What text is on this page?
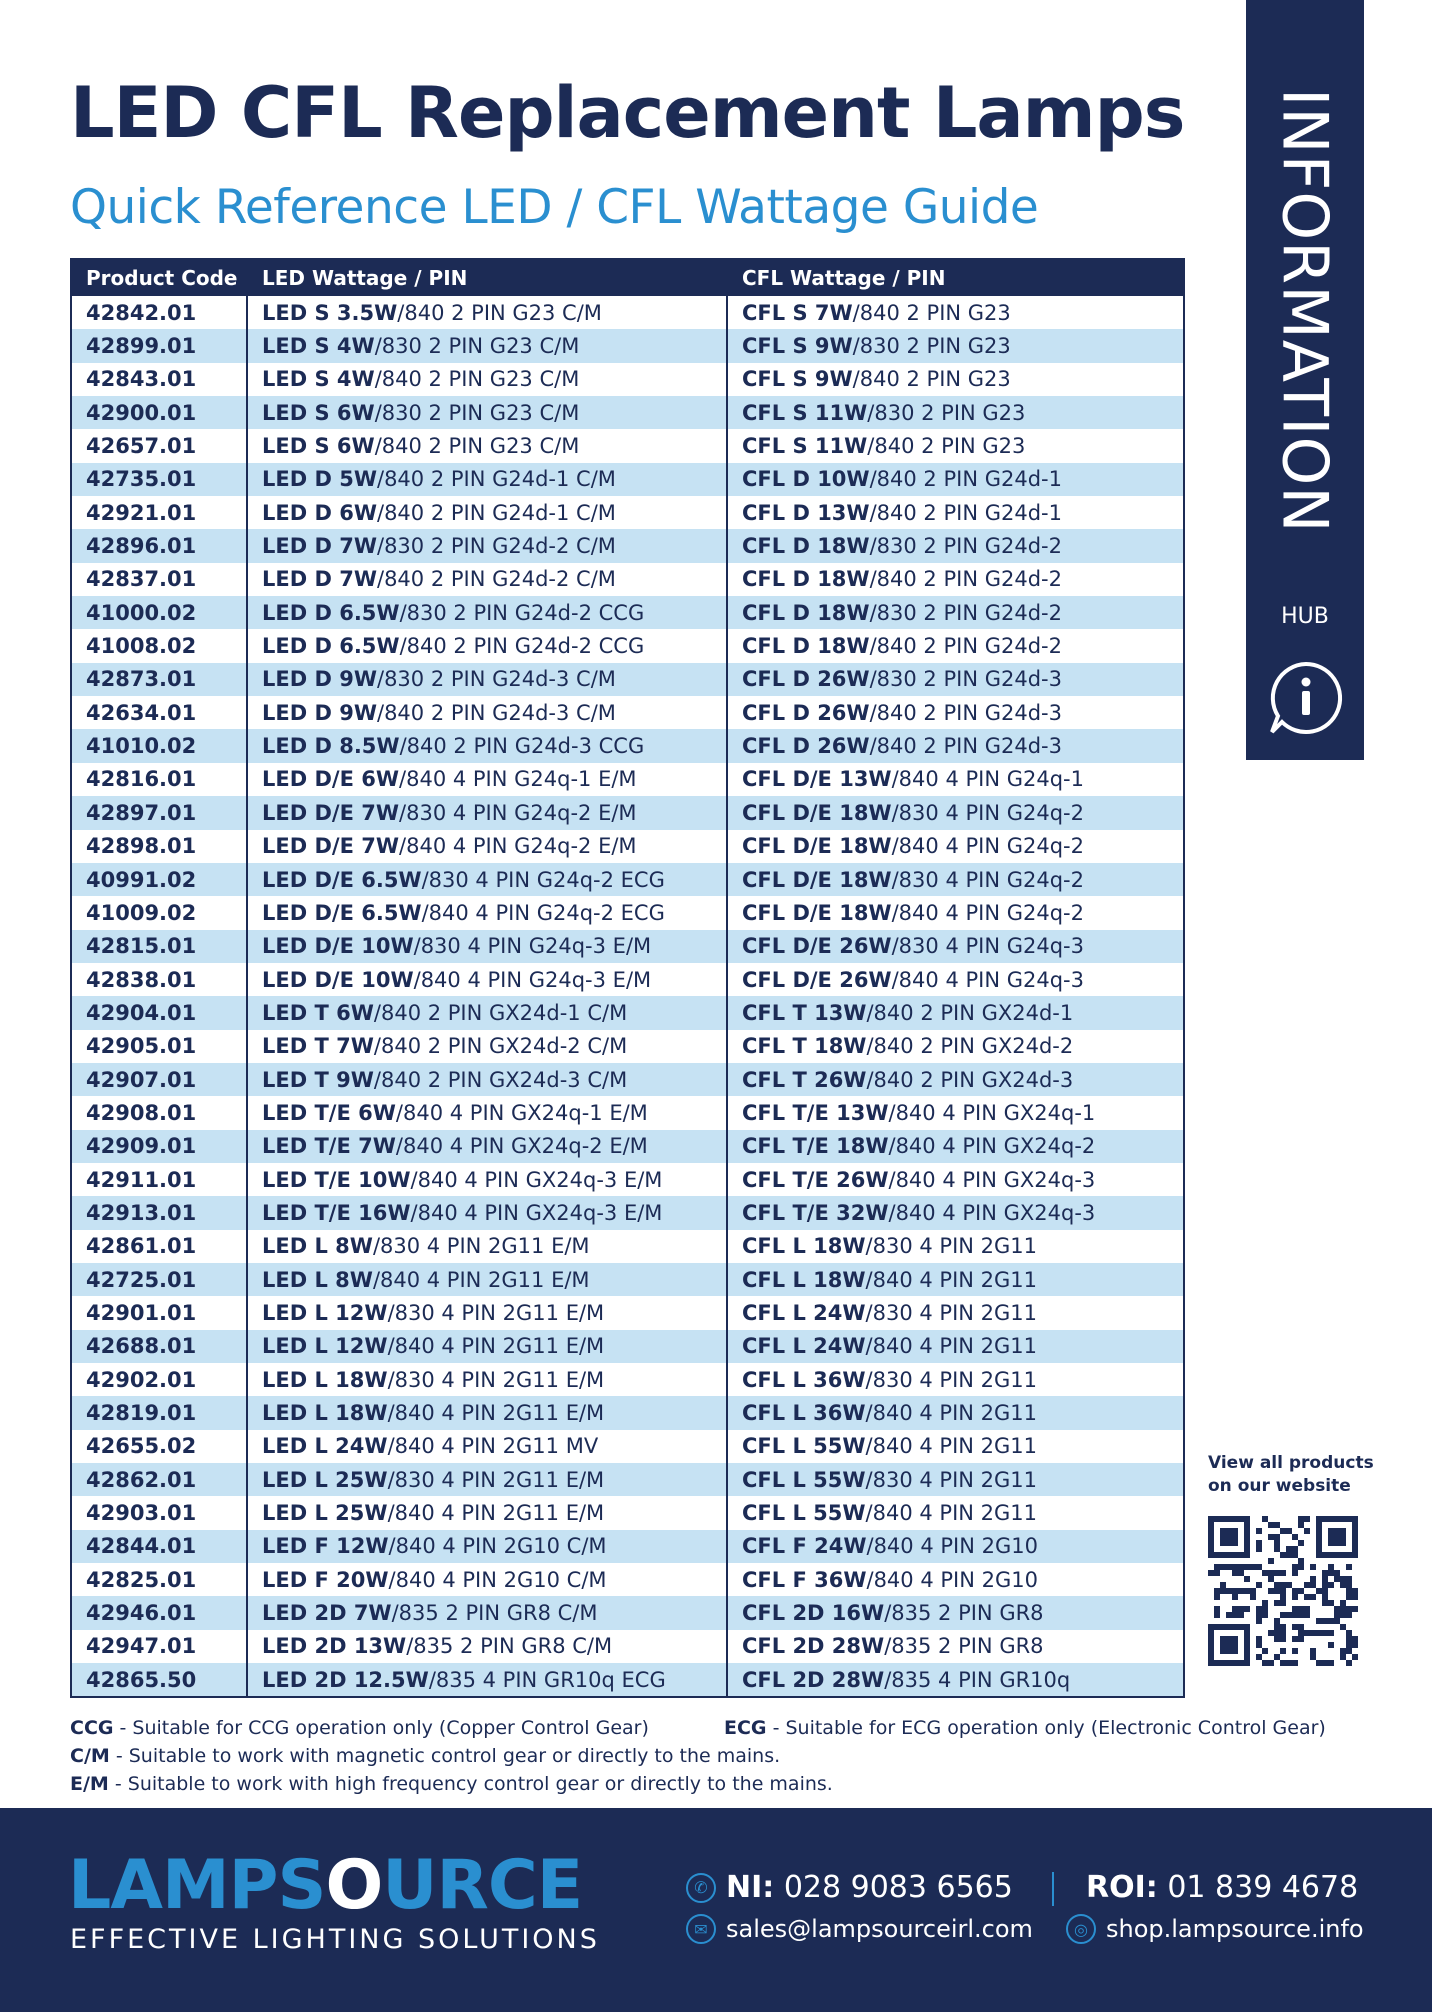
LED CFL Replacement Lamps
Quick Reference LED / CFL Wattage Guide	INFORMATION
HUB
Product Code	LED Wattage / PIN	CFL Wattage / PIN
42842.01	LED S 3.5W /840 2 PIN G23 C/M	CFL S 7W /840 2 PIN G23
42899.01	LED S 4W /830 2 PIN G23 C/M	CFL S 9W /830 2 PIN G23
42843.01	LED S 4W /840 2 PIN G23 C/M	CFL S 9W /840 2 PIN G23
42900.01	LED S 6W /830 2 PIN G23 C/M	CFL S 11W /830 2 PIN G23
42657.01	LED S 6W /840 2 PIN G23 C/M	CFL S 11W /840 2 PIN G23
42735.01	LED D 5W /840 2 PIN G24d-1 C/M	CFL D 10W /840 2 PIN G24d-1
42921.01	LED D 6W /840 2 PIN G24d-1 C/M	CFL D 13W /840 2 PIN G24d-1
42896.01	LED D 7W /830 2 PIN G24d-2 C/M	CFL D 18W /830 2 PIN G24d-2
42837.01	LED D 7W /840 2 PIN G24d-2 C/M	CFL D 18W /840 2 PIN G24d-2
41000.02	LED D 6.5W /830 2 PIN G24d-2 CCG	CFL D 18W /830 2 PIN G24d-2
41008.02	LED D 6.5W /840 2 PIN G24d-2 CCG	CFL D 18W /840 2 PIN G24d-2
42873.01	LED D 9W /830 2 PIN G24d-3 C/M	CFL D 26W /830 2 PIN G24d-3
42634.01	LED D 9W /840 2 PIN G24d-3 C/M	CFL D 26W /840 2 PIN G24d-3
41010.02	LED D 8.5W /840 2 PIN G24d-3 CCG	CFL D 26W /840 2 PIN G24d-3
42816.01	LED D/E 6W /840 4 PIN G24q-1 E/M	CFL D/E 13W /840 4 PIN G24q-1
42897.01	LED D/E 7W /830 4 PIN G24q-2 E/M	CFL D/E 18W /830 4 PIN G24q-2
42898.01	LED D/E 7W /840 4 PIN G24q-2 E/M	CFL D/E 18W /840 4 PIN G24q-2
40991.02	LED D/E 6.5W /830 4 PIN G24q-2 ECG	CFL D/E 18W /830 4 PIN G24q-2
41009.02	LED D/E 6.5W /840 4 PIN G24q-2 ECG	CFL D/E 18W /840 4 PIN G24q-2
42815.01	LED D/E 10W /830 4 PIN G24q-3 E/M	CFL D/E 26W /830 4 PIN G24q-3
42838.01	LED D/E 10W /840 4 PIN G24q-3 E/M	CFL D/E 26W /840 4 PIN G24q-3
42904.01	LED T 6W /840 2 PIN GX24d-1 C/M	CFL T 13W /840 2 PIN GX24d-1
42905.01	LED T 7W /840 2 PIN GX24d-2 C/M	CFL T 18W /840 2 PIN GX24d-2
42907.01	LED T 9W /840 2 PIN GX24d-3 C/M	CFL T 26W /840 2 PIN GX24d-3
42908.01	LED T/E 6W /840 4 PIN GX24q-1 E/M	CFL T/E 13W /840 4 PIN GX24q-1
42909.01	LED T/E 7W /840 4 PIN GX24q-2 E/M	CFL T/E 18W /840 4 PIN GX24q-2
42911.01	LED T/E 10W /840 4 PIN GX24q-3 E/M	CFL T/E 26W /840 4 PIN GX24q-3
42913.01	LED T/E 16W /840 4 PIN GX24q-3 E/M	CFL T/E 32W /840 4 PIN GX24q-3
42861.01	LED L 8W /830 4 PIN 2G11 E/M	CFL L 18W /830 4 PIN 2G11
42725.01	LED L 8W /840 4 PIN 2G11 E/M	CFL L 18W /840 4 PIN 2G11
42901.01	LED L 12W /830 4 PIN 2G11 E/M	CFL L 24W /830 4 PIN 2G11
42688.01	LED L 12W /840 4 PIN 2G11 E/M	CFL L 24W /840 4 PIN 2G11
42902.01	LED L 18W /830 4 PIN 2G11 E/M	CFL L 36W /830 4 PIN 2G11
42819.01	LED L 18W /840 4 PIN 2G11 E/M	CFL L 36W /840 4 PIN 2G11
42655.02	LED L 24W /840 4 PIN 2G11 MV	CFL L 55W /840 4 PIN 2G11
42862.01	LED L 25W /830 4 PIN 2G11 E/M	CFL L 55W /830 4 PIN 2G11
42903.01	LED L 25W /840 4 PIN 2G11 E/M	CFL L 55W /840 4 PIN 2G11
42844.01	LED F 12W /840 4 PIN 2G10 C/M	CFL F 24W /840 4 PIN 2G10
42825.01	LED F 20W /840 4 PIN 2G10 C/M	CFL F 36W /840 4 PIN 2G10
42946.01	LED 2D 7W /835 2 PIN GR8 C/M	CFL 2D 16W /835 2 PIN GR8
42947.01	LED 2D 13W /835 2 PIN GR8 C/M	CFL 2D 28W /835 2 PIN GR8
42865.50	LED 2D 12.5W /835 4 PIN GR10q ECG	CFL 2D 28W /835 4 PIN GR10q
CCG - Suitable for CCG operation only (Copper Control Gear)
C/M - Suitable to work with magnetic control gear or directly to the mains.
E/M - Suitable to work with high frequency control gear or directly to the mains.
ECG - Suitable for ECG operation only (Electronic Control Gear)
View all products
on our website
LAMPSOURCE
EFFECTIVE LIGHTING SOLUTIONS
✆ NI:
028 9083 6565 ROI:
01 839 4678
✉ sales@lampsourceirl.com	◎ shop.lampsource.info
